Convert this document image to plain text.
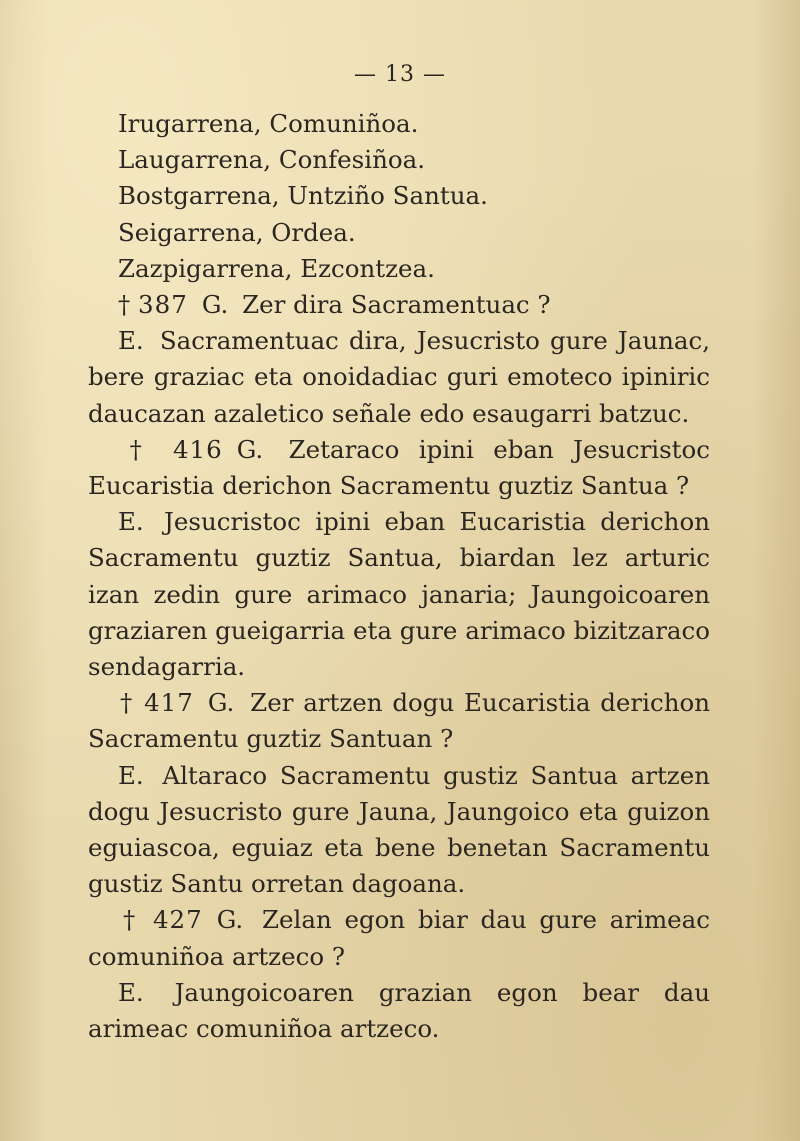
— 13 —

Irugarrena, Comuniñoa.

Laugarrena, Confesiñoa.

Bostgarrena, Untziño Santua.

Seigarrena, Ordea.

Zazpigarrena, Ezcontzea.

† 387 G. Zer dira Sacramentuac ?

E. Sacramentuac dira, Jesucristo gure Jaunac, bere graziac eta onoidadiac guri emoteco ipiniric daucazan azaletico señale edo esaugarri batzuc.

† 416 G. Zetaraco ipini eban Jesucristoc Eucaristia derichon Sacramentu guztiz Santua ?

E. Jesucristoc ipini eban Eucaristia derichon Sacramentu guztiz Santua, biardan lez arturic izan zedin gure arimaco janaria; Jaungoicoaren graziaren gueigarria eta gure arimaco bizitzaraco sendagarria.

† 417 G. Zer artzen dogu Eucaristia derichon Sacramentu guztiz Santuan ?

E. Altaraco Sacramentu gustiz Santua artzen dogu Jesucristo gure Jauna, Jaungoico eta guizon eguiascoa, eguiaz eta bene benetan Sacramentu gustiz Santu orretan dagoana.

† 427 G. Zelan egon biar dau gure arimeac comuniñoa artzeco ?

E. Jaungoicoaren grazian egon bear dau arimeac comuniñoa artzeco.
